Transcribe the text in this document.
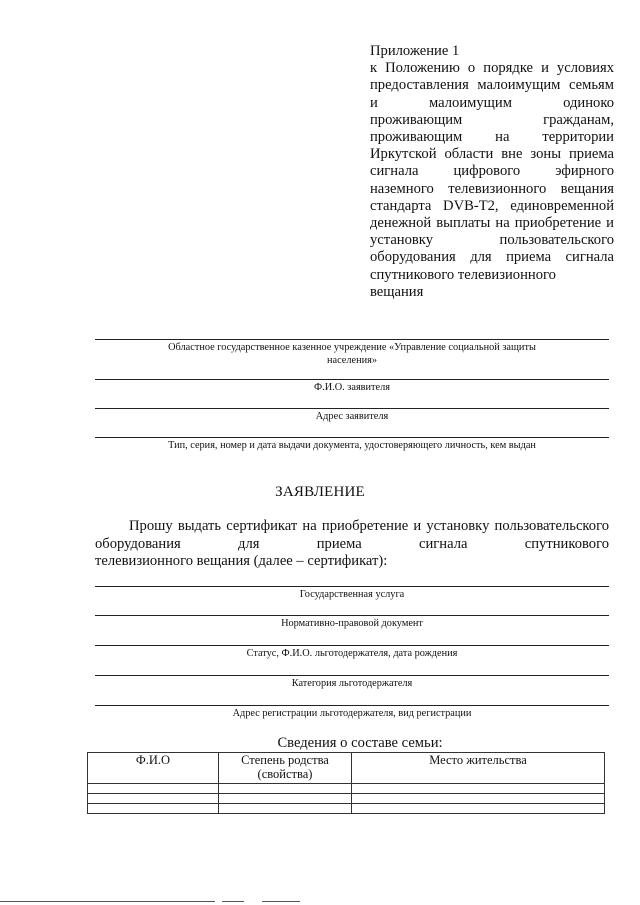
Приложение 1
к Положению о порядке и условиях предоставления малоимущим семьям и малоимущим одиноко проживающим гражданам, проживающим на территории Иркутской области вне зоны приема сигнала цифрового эфирного наземного телевизионного вещания стандарта DVB-T2, единовременной денежной выплаты на приобретение и установку пользовательского оборудования для приема сигнала спутникового телевизионного
вещания
Областное государственное казенное учреждение «Управление социальной защиты населения»
Ф.И.О. заявителя
Адрес заявителя
Тип, серия, номер и дата выдачи документа, удостоверяющего личность, кем выдан
ЗАЯВЛЕНИЕ
Прошу выдать сертификат на приобретение и установку пользовательского оборудования для приема сигнала спутникового
телевизионного вещания (далее – сертификат):
Государственная услуга
Нормативно-правовой документ
Статус, Ф.И.О. льготодержателя, дата рождения
Категория льготодержателя
Адрес регистрации льготодержателя, вид регистрации
Сведения о составе семьи:
Ф.И.О	Степень родства (свойства)	Место жительства
